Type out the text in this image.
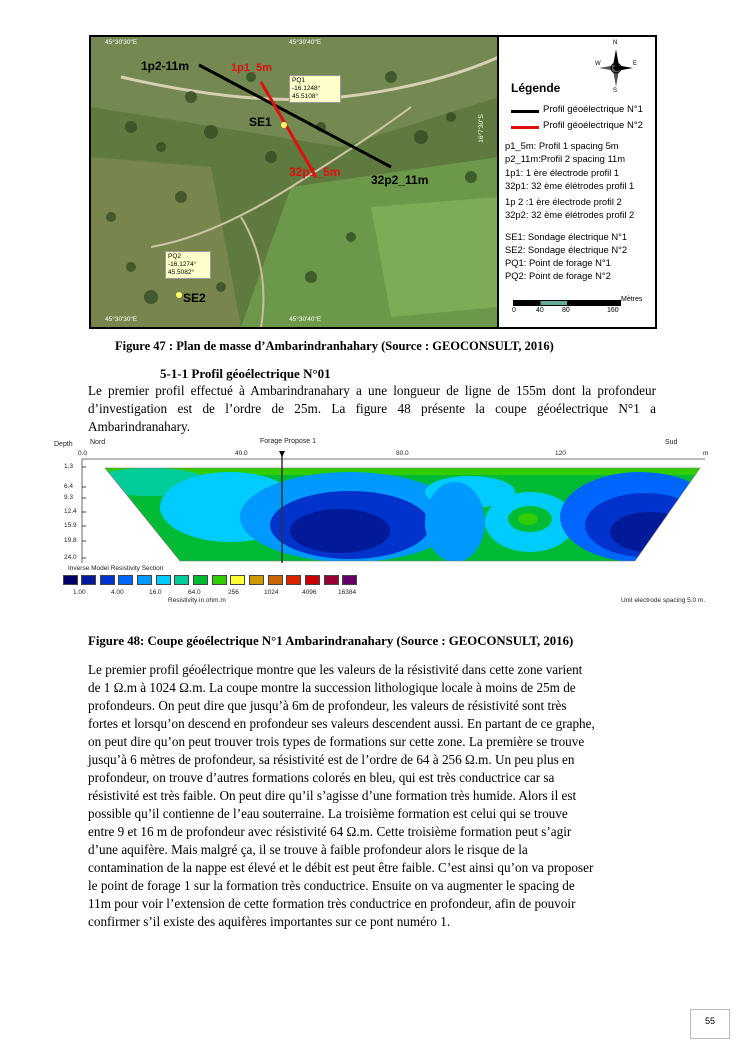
45°30'30"E	45°30'40"E
45°30'30"E	45°30'40"E
16°7'30"S	16°7'30"S
1p2-11m	1p1_5m
32p1_5m
32p2_11m
SE1
SE2
PQ1
-16.1248°
45.5108°
PQ2
-16.1274°
45.5082°
N
S
W	E
Légende
Profil géoélectrique N°1
Profil géoélectrique N°2
p1_5m: Profil 1 spacing 5m
p2_11m:Profil 2 spacing 11m
1p1: 1 ère électrode profil 1
32p1: 32 ème élétrodes profil 1
1p 2 :1 ère électrode profil 2
32p2: 32 ème élétrodes profil 2
SE1: Sondage électrique N°1
SE2: Sondage électrique N°2
PQ1: Point de forage N°1
PQ2: Point de forage N°2
Mètres
0	40	80	160
Figure 47 : Plan de masse d’Ambarindranhahary (Source : GEOCONSULT, 2016)
5-1-1 Profil géoélectrique N°01
Le premier profil effectué à Ambarindranahary a une longueur de ligne de 155m dont la profondeur d’investigation est de l’ordre de 25m. La figure 48 présente la coupe géoélectrique N°1 a Ambarindranahary.
Depth Nord	Sud
Forage Propose 1
0.0	40.0	80.0	120	m
1.3
6.4
9.3
12.4
15.9
19.8
24.0
Inverse Model Resistivity Section
1.00	4.00	16.0	64.0	256	1024	4096	16384
Resistivity in ohm.m	Unit electrode spacing 5.0 m.
Figure 48: Coupe géoélectrique N°1 Ambarindranahary (Source : GEOCONSULT, 2016)
Le premier profil géoélectrique montre que les valeurs de la résistivité dans cette zone varient
de 1 Ω.m à 1024 Ω.m. La coupe montre la succession lithologique locale à moins de 25m de
profondeurs. On peut dire que jusqu’à 6m de profondeur, les valeurs de résistivité sont très
fortes et lorsqu’on descend en profondeur ses valeurs descendent aussi. En partant de ce graphe,
on peut dire qu’on peut trouver trois types de formations sur cette zone. La première se trouve
jusqu’à 6 mètres de profondeur, sa résistivité est de l’ordre de 64 à 256 Ω.m. Un peu plus en
profondeur, on trouve d’autres formations colorés en bleu, qui est très conductrice car sa
résistivité est très faible. On peut dire qu’il s’agisse d’une formation très humide. Alors il est
possible qu’il contienne de l’eau souterraine. La troisième formation est celui qui se trouve
entre 9 et 16 m de profondeur avec résistivité 64 Ω.m. Cette troisième formation peut s’agir
d’une aquifère. Mais malgré ça, il se trouve à faible profondeur alors le risque de la
contamination de la nappe est élevé et le débit est peut être faible. C’est ainsi qu’on va proposer
le point de forage 1 sur la formation très conductrice. Ensuite on va augmenter le spacing de
11m pour voir l’extension de cette formation très conductrice en profondeur, afin de pouvoir
confirmer s’il existe des aquifères importantes sur ce pont numéro 1.
55
